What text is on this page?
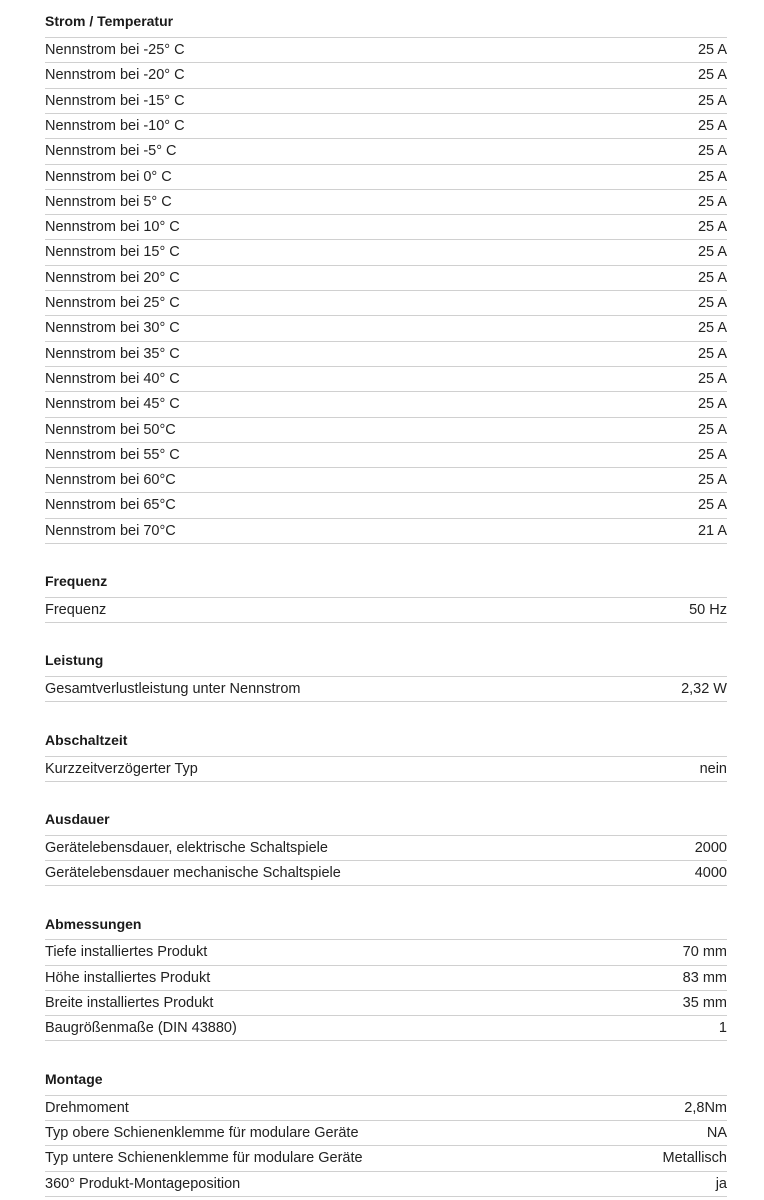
Strom / Temperatur
Nennstrom bei -25° C	25 A
Nennstrom bei -20° C	25 A
Nennstrom bei -15° C	25 A
Nennstrom bei -10° C	25 A
Nennstrom bei -5° C	25 A
Nennstrom bei 0° C	25 A
Nennstrom bei 5° C	25 A
Nennstrom bei 10° C	25 A
Nennstrom bei 15° C	25 A
Nennstrom bei 20° C	25 A
Nennstrom bei 25° C	25 A
Nennstrom bei 30° C	25 A
Nennstrom bei 35° C	25 A
Nennstrom bei 40° C	25 A
Nennstrom bei 45° C	25 A
Nennstrom bei 50°C	25 A
Nennstrom bei 55° C	25 A
Nennstrom bei 60°C	25 A
Nennstrom bei 65°C	25 A
Nennstrom bei 70°C	21 A
Frequenz
Frequenz	50 Hz
Leistung
Gesamtverlustleistung unter Nennstrom	2,32 W
Abschaltzeit
Kurzzeitverzögerter Typ	nein
Ausdauer
Gerätelebensdauer, elektrische Schaltspiele	2000
Gerätelebensdauer mechanische Schaltspiele	4000
Abmessungen
Tiefe installiertes Produkt	70 mm
Höhe installiertes Produkt	83 mm
Breite installiertes Produkt	35 mm
Baugrößenmaße (DIN 43880)	1
Montage
Drehmoment	2,8Nm
Typ obere Schienenklemme für modulare Geräte	NA
Typ untere Schienenklemme für modulare Geräte	Metallisch
360° Produkt-Montageposition	ja
